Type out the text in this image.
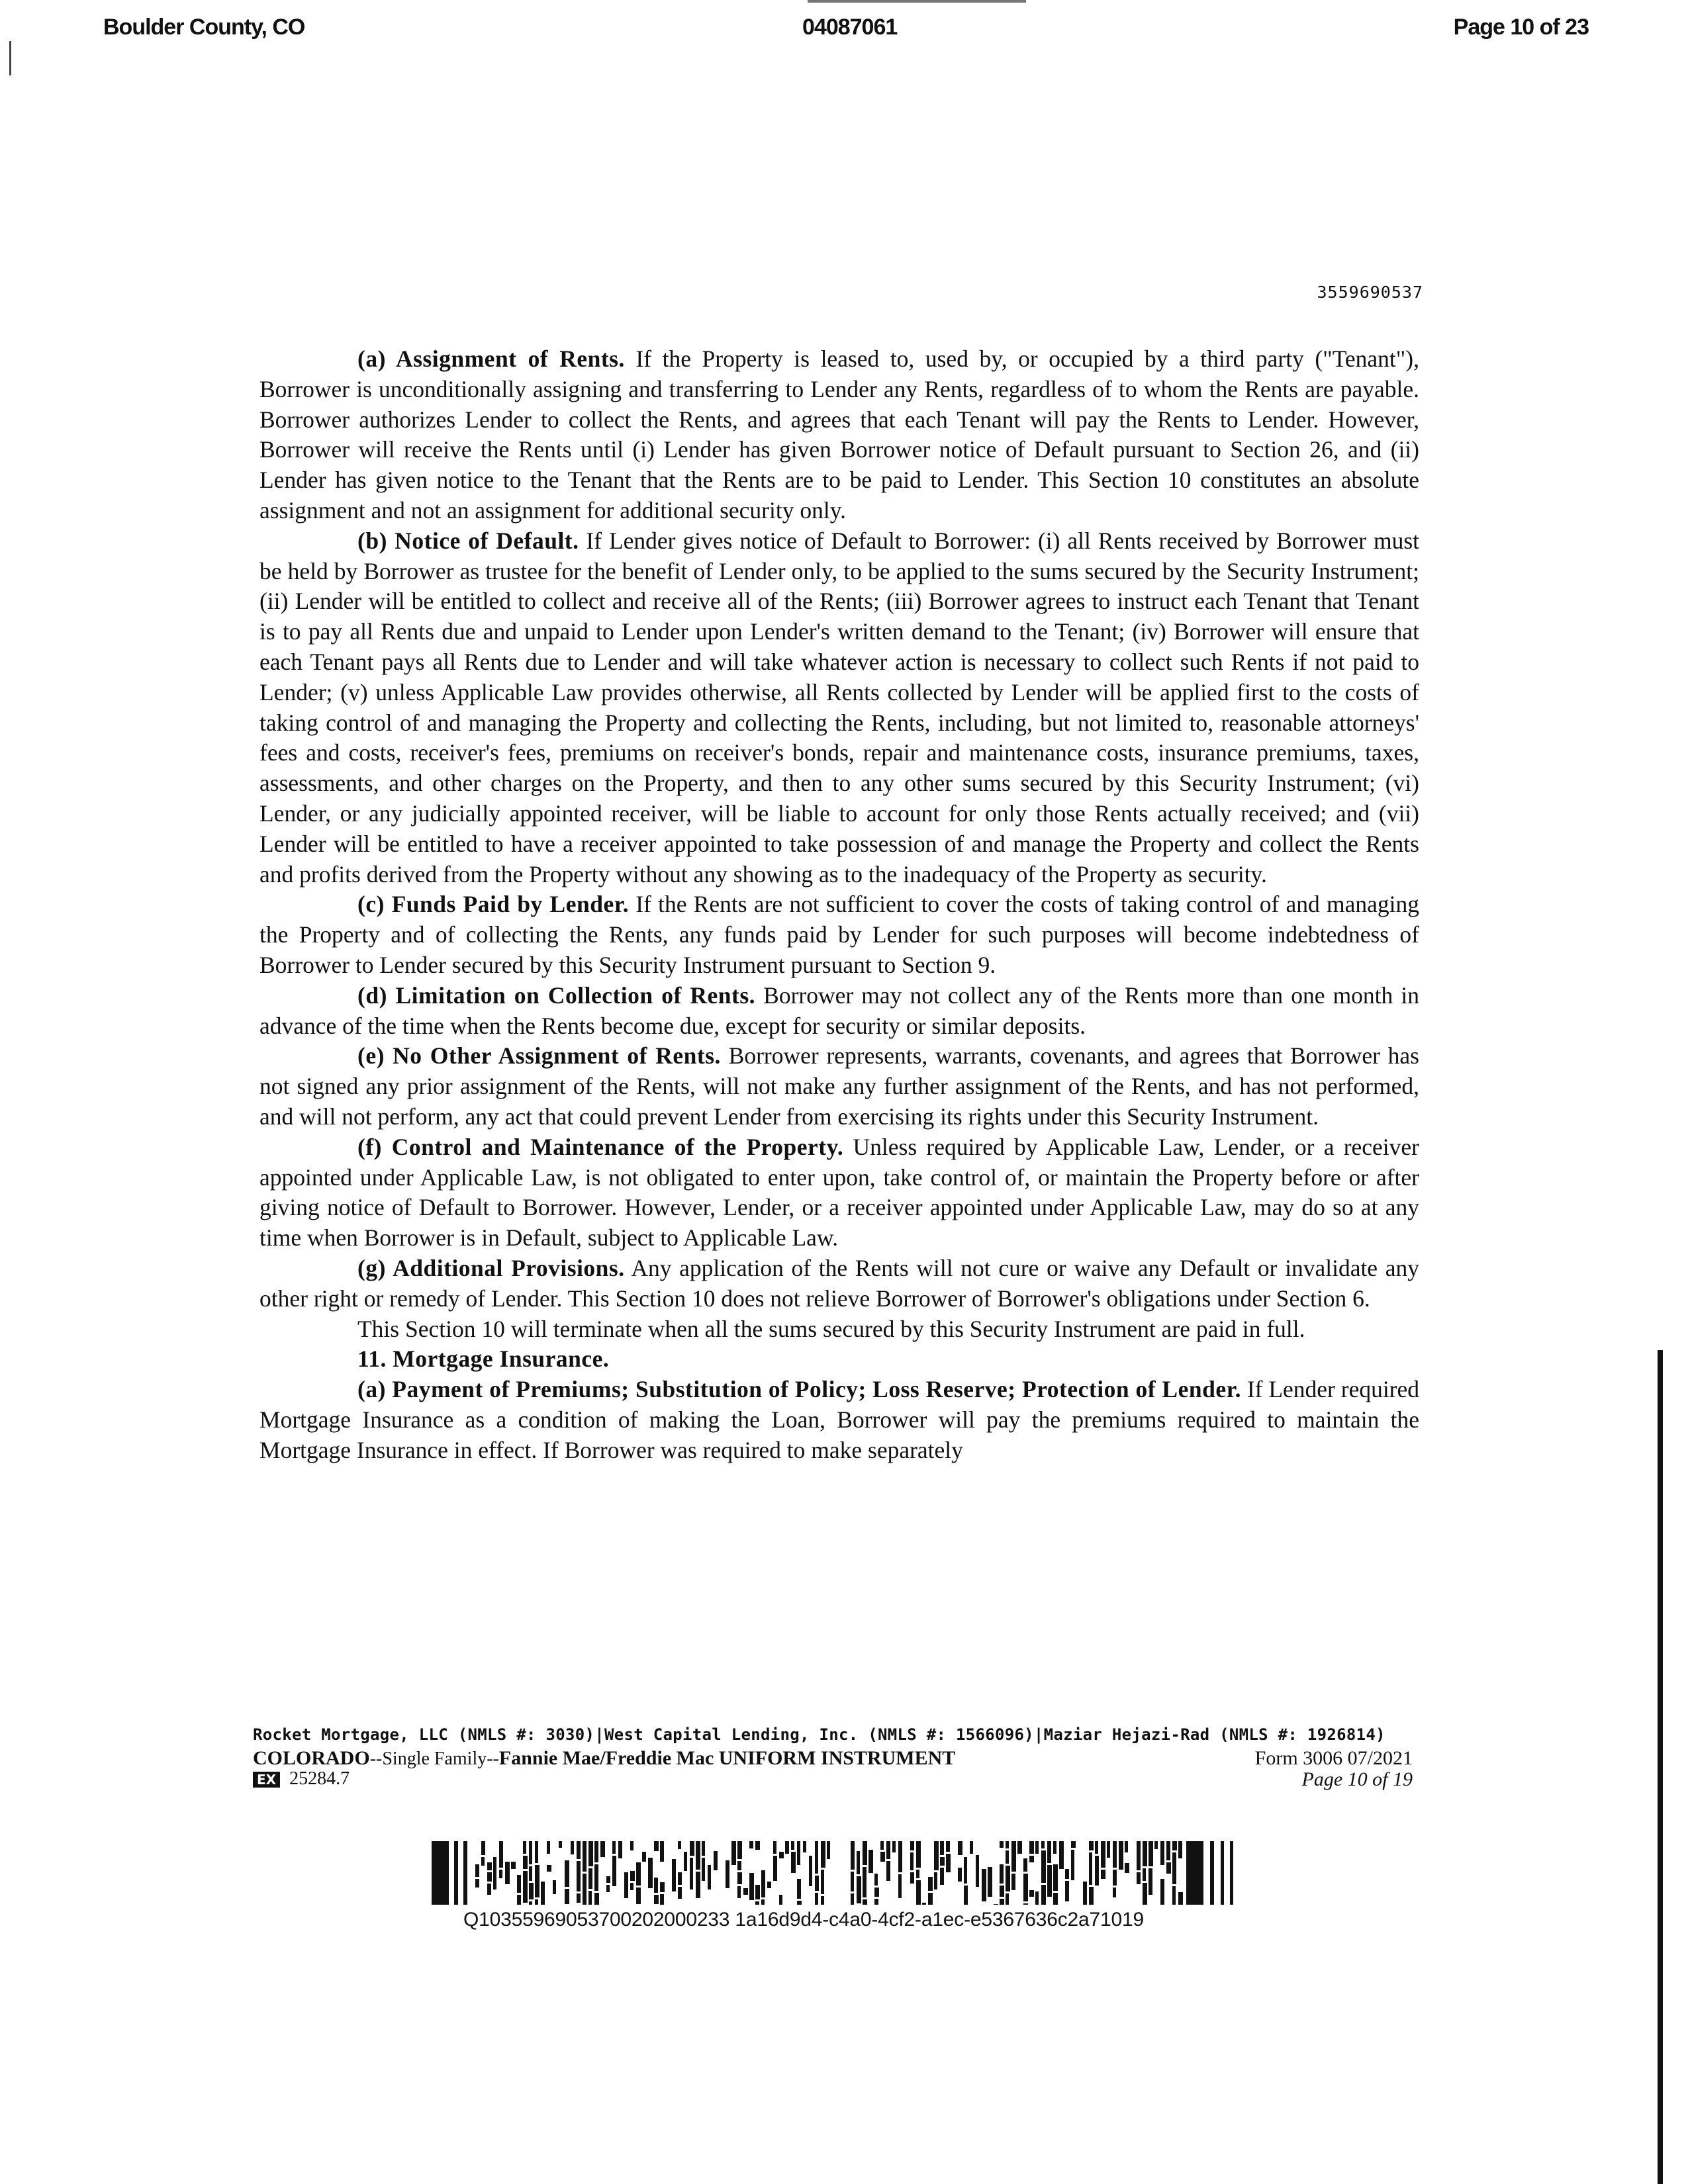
Boulder County, CO	04087061	Page 10 of 23
3559690537

(a) Assignment of Rents. If the Property is leased to, used by, or occupied by a third party ("Tenant"), Borrower is unconditionally assigning and transferring to Lender any Rents, regardless of to whom the Rents are payable. Borrower authorizes Lender to collect the Rents, and agrees that each Tenant will pay the Rents to Lender. However, Borrower will receive the Rents until (i) Lender has given Borrower notice of Default pursuant to Section 26, and (ii) Lender has given notice to the Tenant that the Rents are to be paid to Lender. This Section 10 constitutes an absolute assignment and not an assignment for additional security only.

(b) Notice of Default. If Lender gives notice of Default to Borrower: (i) all Rents received by Borrower must be held by Borrower as trustee for the benefit of Lender only, to be applied to the sums secured by the Security Instrument; (ii) Lender will be entitled to collect and receive all of the Rents; (iii) Borrower agrees to instruct each Tenant that Tenant is to pay all Rents due and unpaid to Lender upon Lender's written demand to the Tenant; (iv) Borrower will ensure that each Tenant pays all Rents due to Lender and will take whatever action is necessary to collect such Rents if not paid to Lender; (v) unless Applicable Law provides otherwise, all Rents collected by Lender will be applied first to the costs of taking control of and managing the Property and collecting the Rents, including, but not limited to, reasonable attorneys' fees and costs, receiver's fees, premiums on receiver's bonds, repair and maintenance costs, insurance premiums, taxes, assessments, and other charges on the Property, and then to any other sums secured by this Security Instrument; (vi) Lender, or any judicially appointed receiver, will be liable to account for only those Rents actually received; and (vii) Lender will be entitled to have a receiver appointed to take possession of and manage the Property and collect the Rents and profits derived from the Property without any showing as to the inadequacy of the Property as security.

(c) Funds Paid by Lender. If the Rents are not sufficient to cover the costs of taking control of and managing the Property and of collecting the Rents, any funds paid by Lender for such purposes will become indebtedness of Borrower to Lender secured by this Security Instrument pursuant to Section 9.

(d) Limitation on Collection of Rents. Borrower may not collect any of the Rents more than one month in advance of the time when the Rents become due, except for security or similar deposits.

(e) No Other Assignment of Rents. Borrower represents, warrants, covenants, and agrees that Borrower has not signed any prior assignment of the Rents, will not make any further assignment of the Rents, and has not performed, and will not perform, any act that could prevent Lender from exercising its rights under this Security Instrument.

(f) Control and Maintenance of the Property. Unless required by Applicable Law, Lender, or a receiver appointed under Applicable Law, is not obligated to enter upon, take control of, or maintain the Property before or after giving notice of Default to Borrower. However, Lender, or a receiver appointed under Applicable Law, may do so at any time when Borrower is in Default, subject to Applicable Law.

(g) Additional Provisions. Any application of the Rents will not cure or waive any Default or invalidate any other right or remedy of Lender. This Section 10 does not relieve Borrower of Borrower's obligations under Section 6.

This Section 10 will terminate when all the sums secured by this Security Instrument are paid in full.

11. Mortgage Insurance.

(a) Payment of Premiums; Substitution of Policy; Loss Reserve; Protection of Lender. If Lender required Mortgage Insurance as a condition of making the Loan, Borrower will pay the premiums required to maintain the Mortgage Insurance in effect. If Borrower was required to make separately

Rocket Mortgage, LLC (NMLS #: 3030)|West Capital Lending, Inc. (NMLS #: 1566096)|Maziar Hejazi-Rad (NMLS #: 1926814)
COLORADO--Single Family--Fannie Mae/Freddie Mac UNIFORM INSTRUMENT	Form 3006 07/2021
EX 25284.7	Page 10 of 19
Q10355969053700202000233 1a16d9d4-c4a0-4cf2-a1ec-e5367636c2a71019
